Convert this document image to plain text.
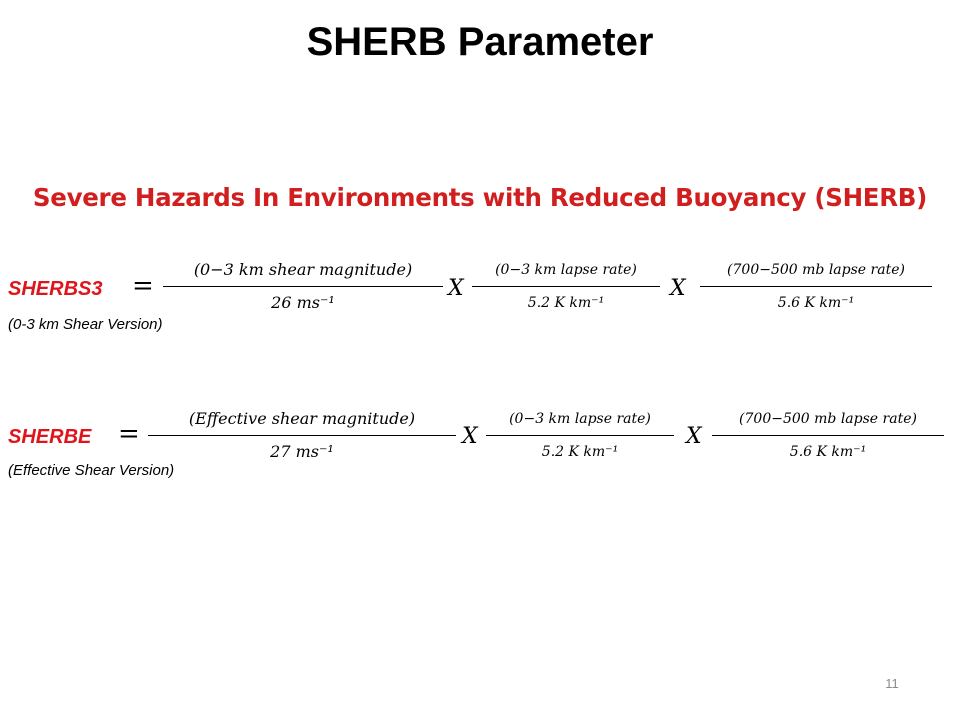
SHERB Parameter
Severe Hazards In Environments with Reduced Buoyancy (SHERB)
SHERBS3 =
(0−3 km shear magnitude)
26 ms⁻¹
X
(0−3 km lapse rate)
5.2 K km⁻¹
X
(700−500 mb lapse rate)
5.6 K km⁻¹
(0-3 km Shear Version)
SHERBE =
(Effective shear magnitude)
27 ms⁻¹
X
(0−3 km lapse rate)
5.2 K km⁻¹
X
(700−500 mb lapse rate)
5.6 K km⁻¹
(Effective Shear Version)
11
